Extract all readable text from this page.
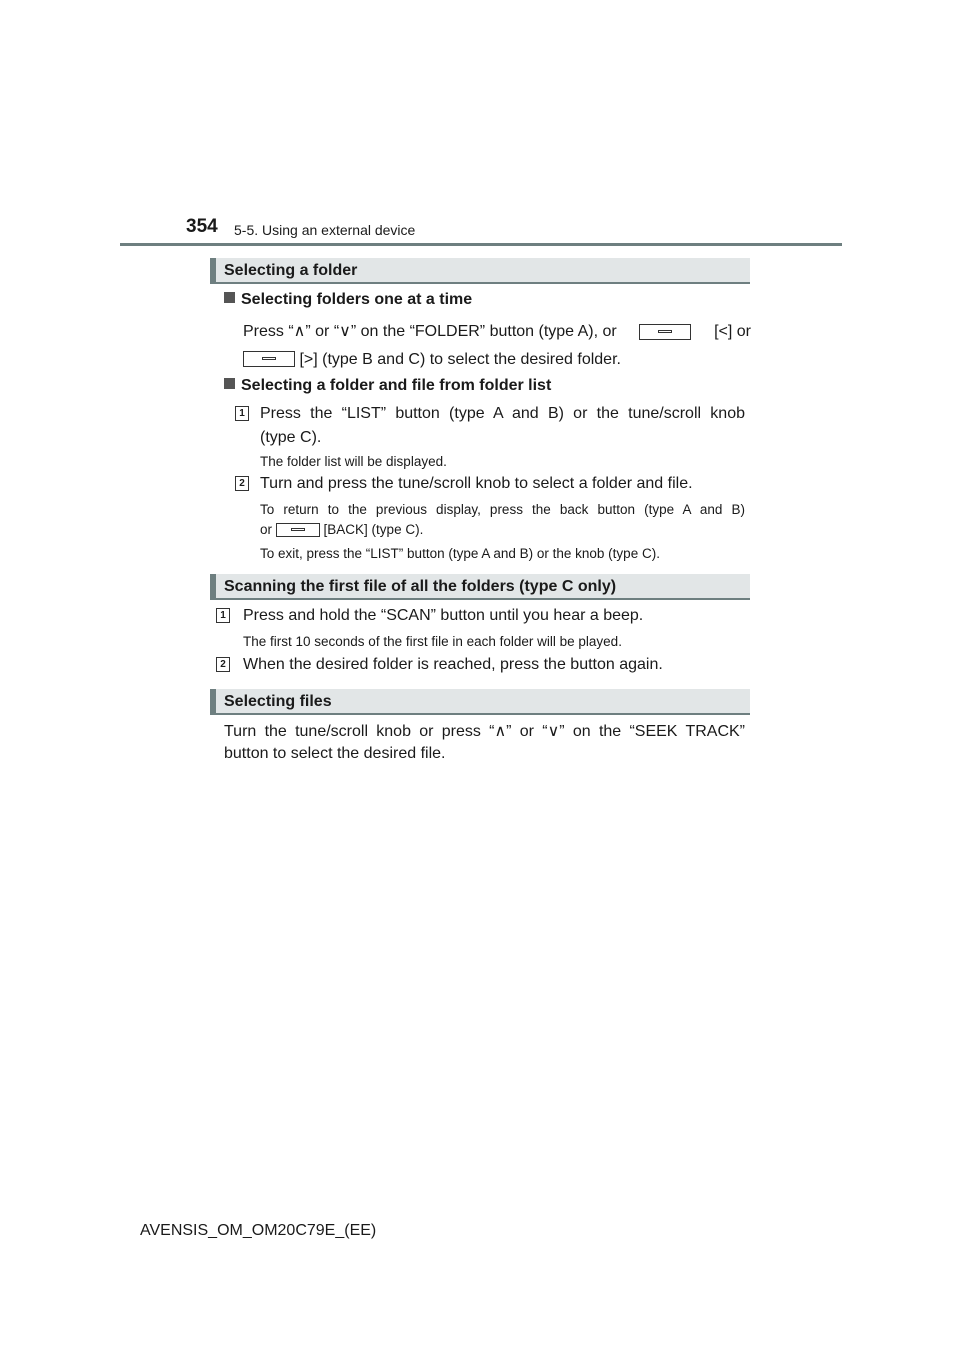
354 5-5. Using an external device
Selecting a folder
Selecting folders one at a time
Press “∧” or “∨” on the “FOLDER” button (type A), or	[<] or
[>] (type B and C) to select the desired folder.
Selecting a folder and file from folder list
1 Press the “LIST” button (type A and B) or the tune/scroll knob
(type C).
The folder list will be displayed.
2 Turn and press the tune/scroll knob to select a folder and file.
To return to the previous display, press the back button (type A and B)
or	[BACK] (type C).
To exit, press the “LIST” button (type A and B) or the knob (type C).
Scanning the first file of all the folders (type C only)
1 Press and hold the “SCAN” button until you hear a beep.
The first 10 seconds of the first file in each folder will be played.
2 When the desired folder is reached, press the button again.
Selecting files
Turn the tune/scroll knob or press “∧” or “∨” on the “SEEK TRACK”
button to select the desired file.
AVENSIS_OM_OM20C79E_(EE)
